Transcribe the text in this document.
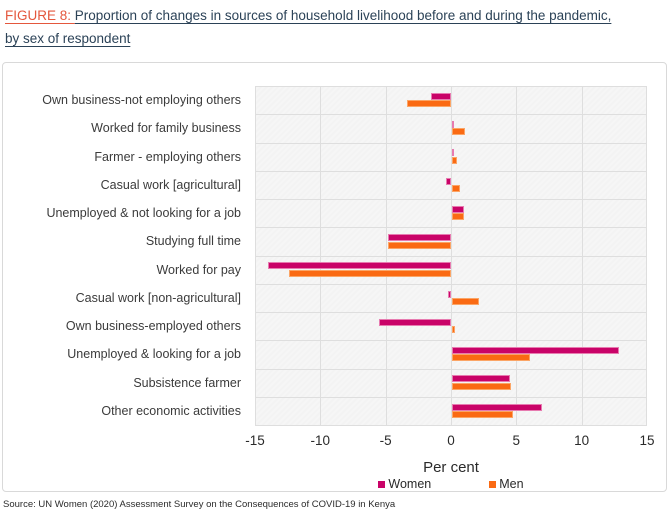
FIGURE 8: Proportion of changes in sources of household livelihood before and during the pandemic, by sex of respondent
Own business-not employing others
Worked for family business
Farmer - employing others
Casual work [agricultural]
Unemployed & not looking for a job
Studying full time
Worked for pay
Casual work [non-agricultural]
Own business-employed others
Unemployed & looking for a job
Subsistence farmer
Other economic activities
-15	-10	-5	0	5	10	15
Per cent
Women	Men
Source: UN Women (2020) Assessment Survey on the Consequences of COVID-19 in Kenya
